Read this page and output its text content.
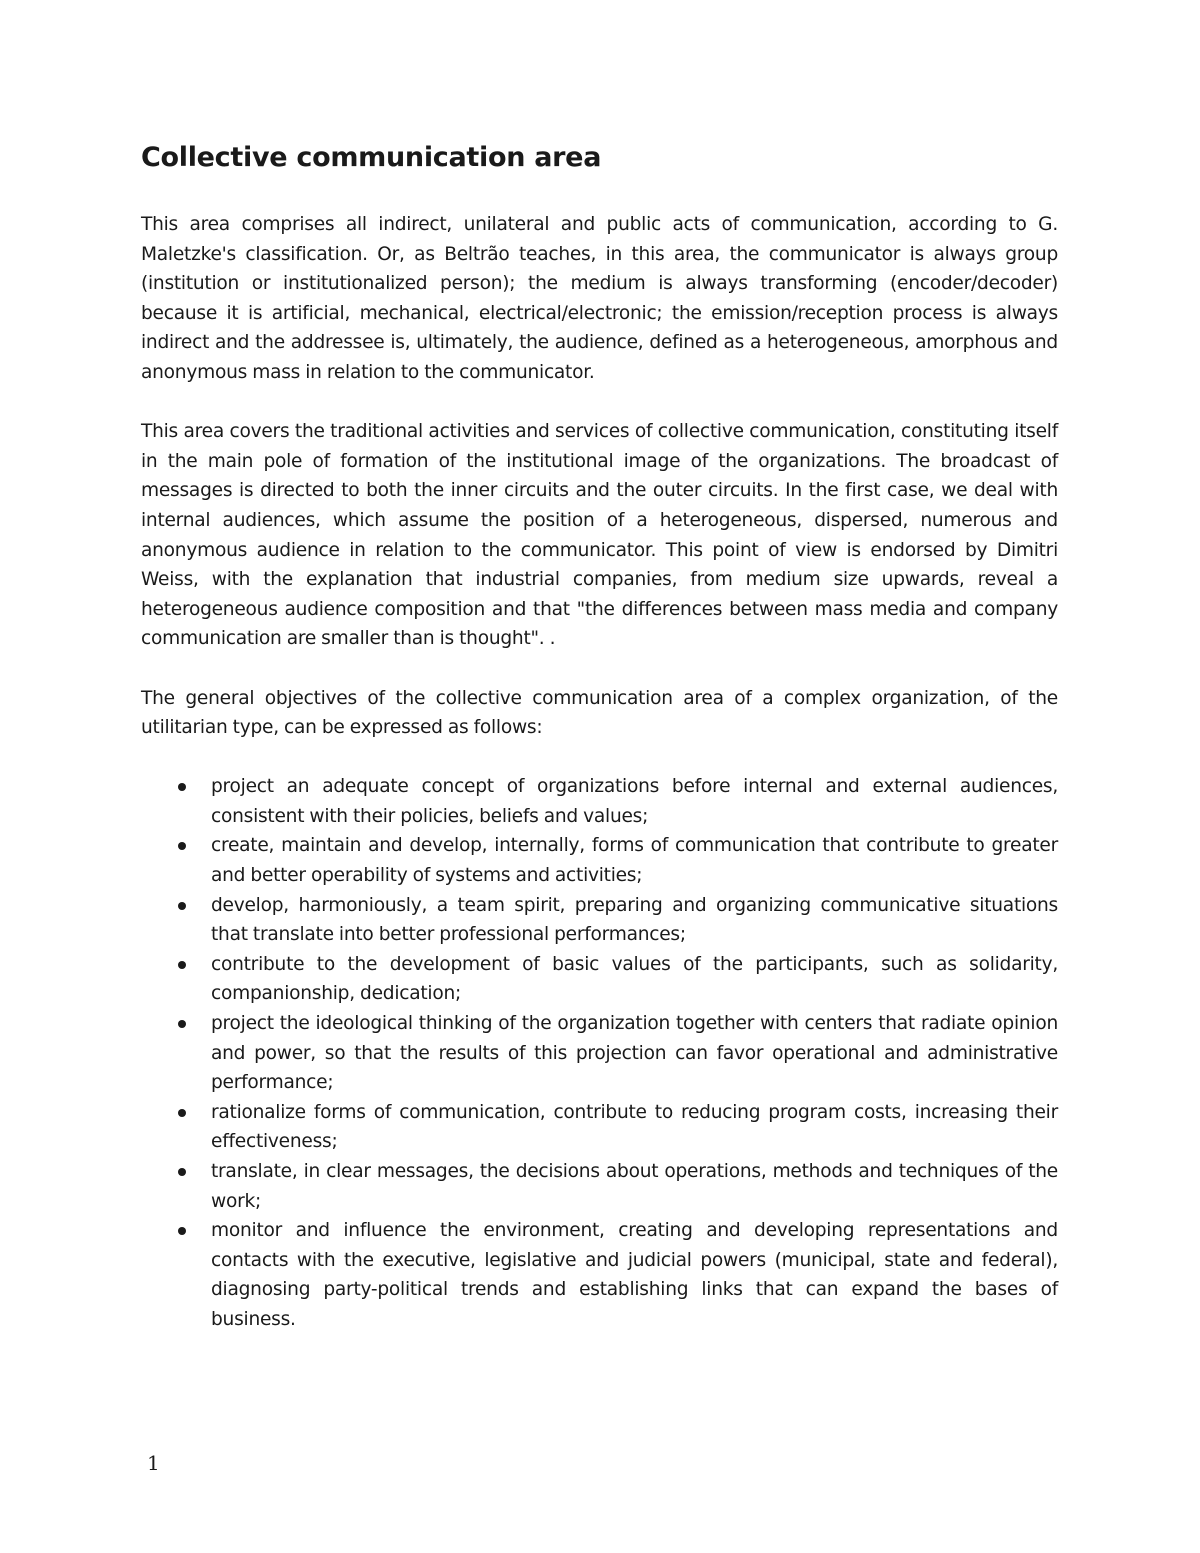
Collective communication area

This area comprises all indirect, unilateral and public acts of communication, according to G. Maletzke's classification. Or, as Beltrão teaches, in this area, the communicator is always group (institution or institutionalized person); the medium is always transforming (encoder/decoder) because it is artificial, mechanical, electrical/electronic; the emission/reception process is always indirect and the addressee is, ultimately, the audience, defined as a heterogeneous, amorphous and anonymous mass in relation to the communicator.

This area covers the traditional activities and services of collective communication, constituting itself in the main pole of formation of the institutional image of the organizations. The broadcast of messages is directed to both the inner circuits and the outer circuits. In the first case, we deal with internal audiences, which assume the position of a heterogeneous, dispersed, numerous and anonymous audience in relation to the communicator. This point of view is endorsed by Dimitri Weiss, with the explanation that industrial companies, from medium size upwards, reveal a heterogeneous audience composition and that "the differences between mass media and company communication are smaller than is thought". .

The general objectives of the collective communication area of a complex organization, of the utilitarian type, can be expressed as follows:

project an adequate concept of organizations before internal and external audiences, consistent with their policies, beliefs and values;
create, maintain and develop, internally, forms of communication that contribute to greater and better operability of systems and activities;
develop, harmoniously, a team spirit, preparing and organizing communicative situations that translate into better professional performances;
contribute to the development of basic values of the participants, such as solidarity, companionship, dedication;
project the ideological thinking of the organization together with centers that radiate opinion and power, so that the results of this projection can favor operational and administrative performance;
rationalize forms of communication, contribute to reducing program costs, increasing their effectiveness;
translate, in clear messages, the decisions about operations, methods and techniques of the work;
monitor and influence the environment, creating and developing representations and contacts with the executive, legislative and judicial powers (municipal, state and federal), diagnosing party-political trends and establishing links that can expand the bases of business.
1
